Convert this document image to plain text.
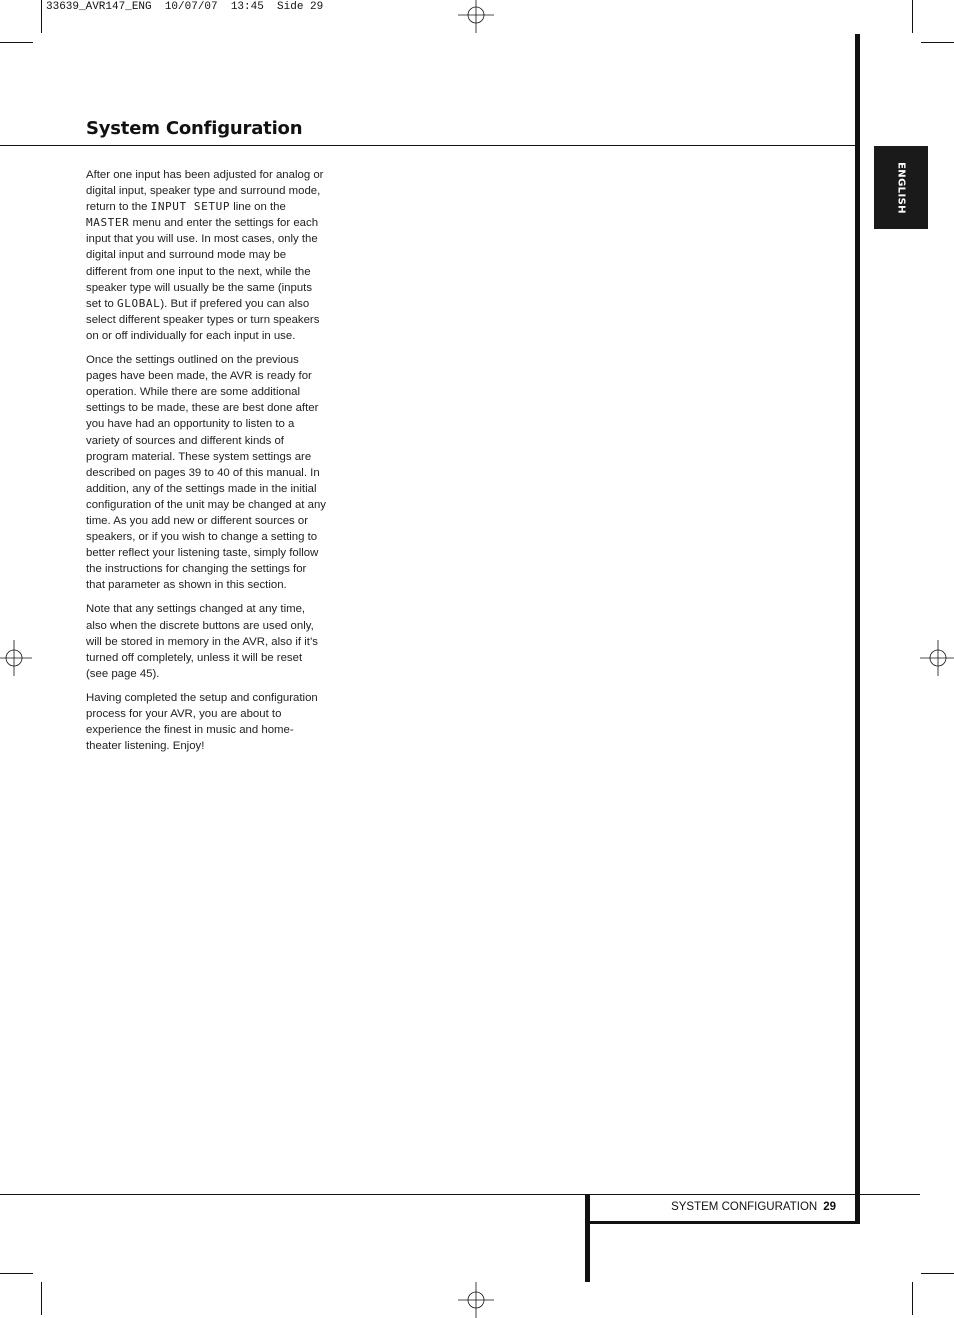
33639_AVR147_ENG  10/07/07  13:45  Side 29
System Configuration
ENGLISH

After one input has been adjusted for analog or digital input, speaker type and surround mode, return to the INPUT SETUP line on the MASTER menu and enter the settings for each input that you will use. In most cases, only the digital input and surround mode may be different from one input to the next, while the speaker type will usually be the same (inputs set to GLOBAL). But if prefered you can also select different speaker types or turn speakers on or off individually for each input in use.

Once the settings outlined on the previous pages have been made, the AVR is ready for operation. While there are some additional settings to be made, these are best done after you have had an opportunity to listen to a variety of sources and different kinds of program material. These system settings are described on pages 39 to 40 of this manual. In addition, any of the settings made in the initial configuration of the unit may be changed at any time. As you add new or different sources or speakers, or if you wish to change a setting to better reflect your listening taste, simply follow the instructions for changing the settings for that parameter as shown in this section.

Note that any settings changed at any time, also when the discrete buttons are used only, will be stored in memory in the AVR, also if it’s turned off completely, unless it will be reset (see page 45).

Having completed the setup and configuration process for your AVR, you are about to experience the finest in music and home-theater listening. Enjoy!

SYSTEM CONFIGURATION 29
